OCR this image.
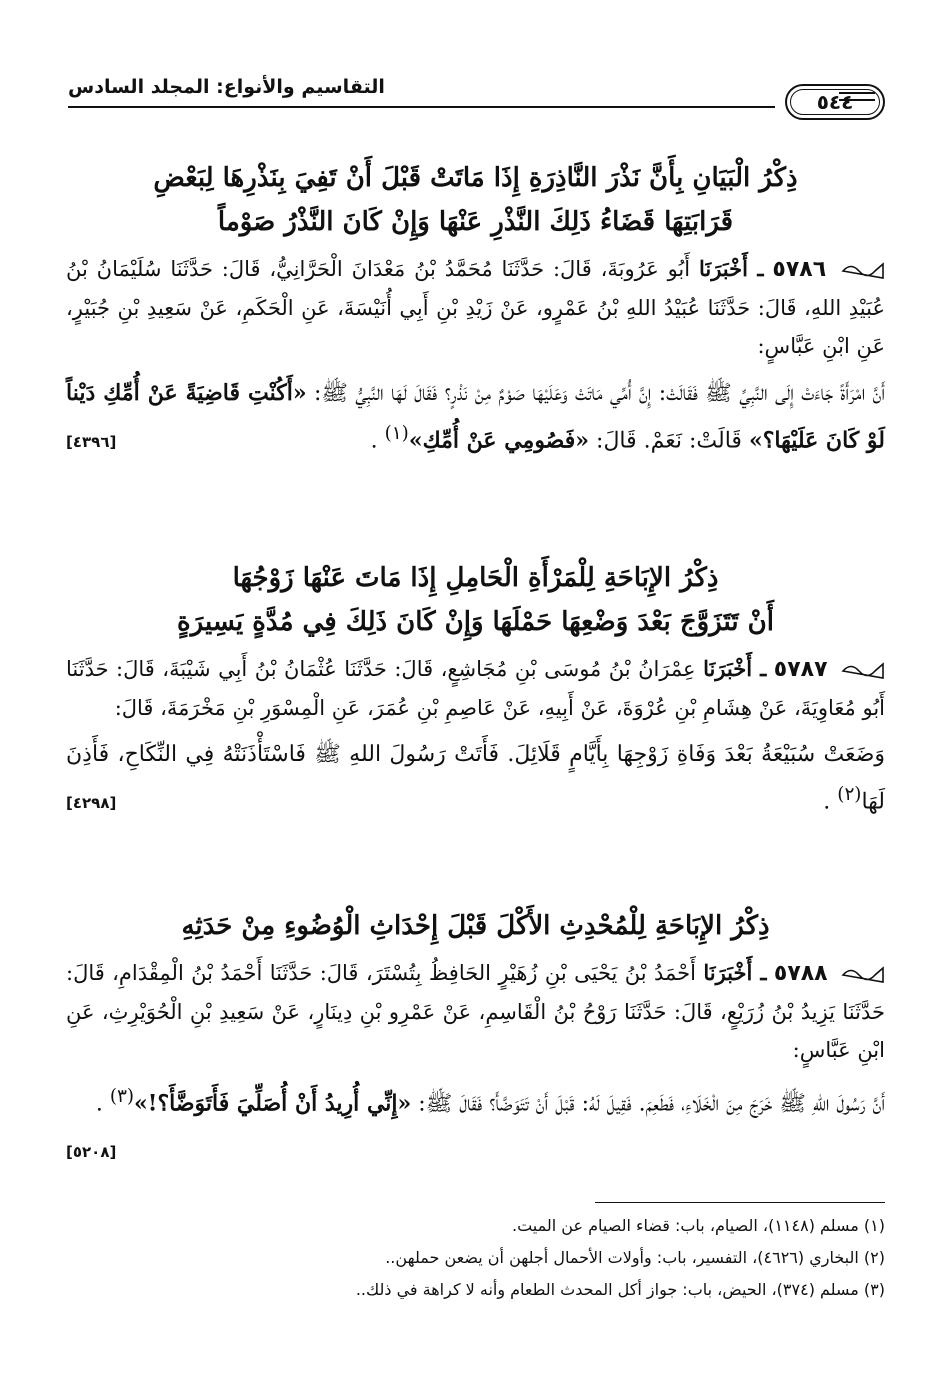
التقاسيم والأنواع: المجلد السادس
٥٤٤

ذِكْرُ الْبَيَانِ بِأَنَّ نَذْرَ النَّاذِرَةِ إِذَا مَاتَتْ قَبْلَ أَنْ تَفِيَ بِنَذْرِهَا لِبَعْضِ

قَرَابَتِهَا قَضَاءُ ذَلِكَ النَّذْرِ عَنْهَا وَإِنْ كَانَ النَّذْرُ صَوْماً

٥٧٨٦ ـ أَخْبَرَنَا أَبُو عَرُوبَةَ، قَالَ: حَدَّثَنَا مُحَمَّدُ بْنُ مَعْدَانَ الْحَرَّانِيُّ، قَالَ: حَدَّثَنَا سُلَيْمَانُ بْنُ عُبَيْدِ اللهِ، قَالَ: حَدَّثَنَا عُبَيْدُ اللهِ بْنُ عَمْرٍو، عَنْ زَيْدِ بْنِ أَبِي أُنَيْسَةَ، عَنِ الْحَكَمِ، عَنْ سَعِيدِ بْنِ جُبَيْرٍ، عَنِ ابْنِ عَبَّاسٍ:

أَنَّ امْرَأَةً جَاءَتْ إِلَى النَّبِيِّ ﷺ فَقَالَتْ: إِنَّ أُمِّي مَاتَتْ وَعَلَيْهَا صَوْمٌ مِنْ نَذْرٍ؟ فَقَالَ لَهَا النَّبِيُّ ﷺ: «أَكُنْتِ قَاضِيَةً عَنْ أُمِّكِ دَيْناً لَوْ كَانَ عَلَيْهَا؟» قَالَتْ: نَعَمْ. قَالَ: «فَصُومِي عَنْ أُمِّكِ»$^{(١)}$ .
[٤٣٩٦]

ذِكْرُ الإِبَاحَةِ لِلْمَرْأَةِ الْحَامِلِ إِذَا مَاتَ عَنْهَا زَوْجُهَا

أَنْ تَتَزَوَّجَ بَعْدَ وَضْعِهَا حَمْلَهَا وَإِنْ كَانَ ذَلِكَ فِي مُدَّةٍ يَسِيرَةٍ

٥٧٨٧ ـ أَخْبَرَنَا عِمْرَانُ بْنُ مُوسَى بْنِ مُجَاشِعٍ، قَالَ: حَدَّثَنَا عُثْمَانُ بْنُ أَبِي شَيْبَةَ، قَالَ: حَدَّثَنَا أَبُو مُعَاوِيَةَ، عَنْ هِشَامِ بْنِ عُرْوَةَ، عَنْ أَبِيهِ، عَنْ عَاصِمِ بْنِ عُمَرَ، عَنِ الْمِسْوَرِ بْنِ مَخْرَمَةَ، قَالَ:

وَضَعَتْ سُبَيْعَةُ بَعْدَ وَفَاةِ زَوْجِهَا بِأَيَّامٍ قَلَائِلَ. فَأَتَتْ رَسُولَ اللهِ ﷺ فَاسْتَأْذَنَتْهُ فِي النِّكَاحِ، فَأَذِنَ لَهَا$^{(٢)}$ .
[٤٢٩٨]

ذِكْرُ الإِبَاحَةِ لِلْمُحْدِثِ الأَكْلَ قَبْلَ إِحْدَاثِ الْوُضُوءِ مِنْ حَدَثِهِ

٥٧٨٨ ـ أَخْبَرَنَا أَحْمَدُ بْنُ يَحْيَى بْنِ زُهَيْرٍ الحَافِظُ بِتُسْتَرَ، قَالَ: حَدَّثَنَا أَحْمَدُ بْنُ الْمِقْدَامِ، قَالَ: حَدَّثَنَا يَزِيدُ بْنُ زُرَيْعٍ، قَالَ: حَدَّثَنَا رَوْحُ بْنُ الْقَاسِمِ، عَنْ عَمْرِو بْنِ دِينَارٍ، عَنْ سَعِيدِ بْنِ الْحُوَيْرِثِ، عَنِ ابْنِ عَبَّاسٍ:

أَنَّ رَسُولَ اللهِ ﷺ خَرَجَ مِنَ الْخَلَاءِ، فَطَعِمَ. فَقِيلَ لَهُ: قَبْلَ أَنْ تَتَوَضَّأَ؟ فَقَالَ ﷺ: «إِنِّي أُرِيدُ أَنْ أُصَلِّيَ فَأَتَوَضَّأَ؟!»$^{(٣)}$ .
[٥٢٠٨]

(١) مسلم (١١٤٨)، الصيام، باب: قضاء الصيام عن الميت.
(٢) البخاري (٤٦٢٦)، التفسير، باب: وأولات الأحمال أجلهن أن يضعن حملهن..
(٣) مسلم (٣٧٤)، الحيض، باب: جواز أكل المحدث الطعام وأنه لا كراهة في ذلك..
